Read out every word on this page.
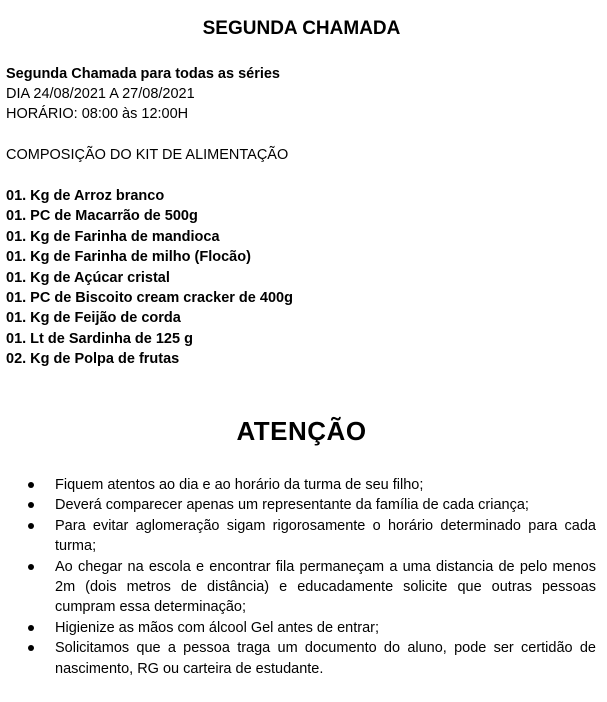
SEGUNDA CHAMADA
Segunda Chamada para todas as séries
DIA 24/08/2021 A 27/08/2021
HORÁRIO: 08:00 às 12:00H
COMPOSIÇÃO DO KIT DE ALIMENTAÇÃO
01. Kg de Arroz branco
01. PC de Macarrão de 500g
01. Kg de Farinha de mandioca
01. Kg de Farinha de milho (Flocão)
01. Kg de Açúcar cristal
01. PC de Biscoito cream cracker de 400g
01. Kg de Feijão de corda
01. Lt de Sardinha de 125 g
02. Kg de Polpa de frutas
ATENÇÃO
Fiquem atentos ao dia e ao horário da turma de seu filho;
Deverá comparecer apenas um representante da família de cada criança;
Para evitar aglomeração sigam rigorosamente o horário determinado para cada turma;
Ao chegar na escola e encontrar fila permaneçam a uma distancia de pelo menos 2m (dois metros de distância) e educadamente solicite que outras pessoas cumpram essa determinação;
Higienize as mãos com álcool Gel antes de entrar;
Solicitamos que a pessoa traga um documento do aluno, pode ser certidão de nascimento, RG ou carteira de estudante.
